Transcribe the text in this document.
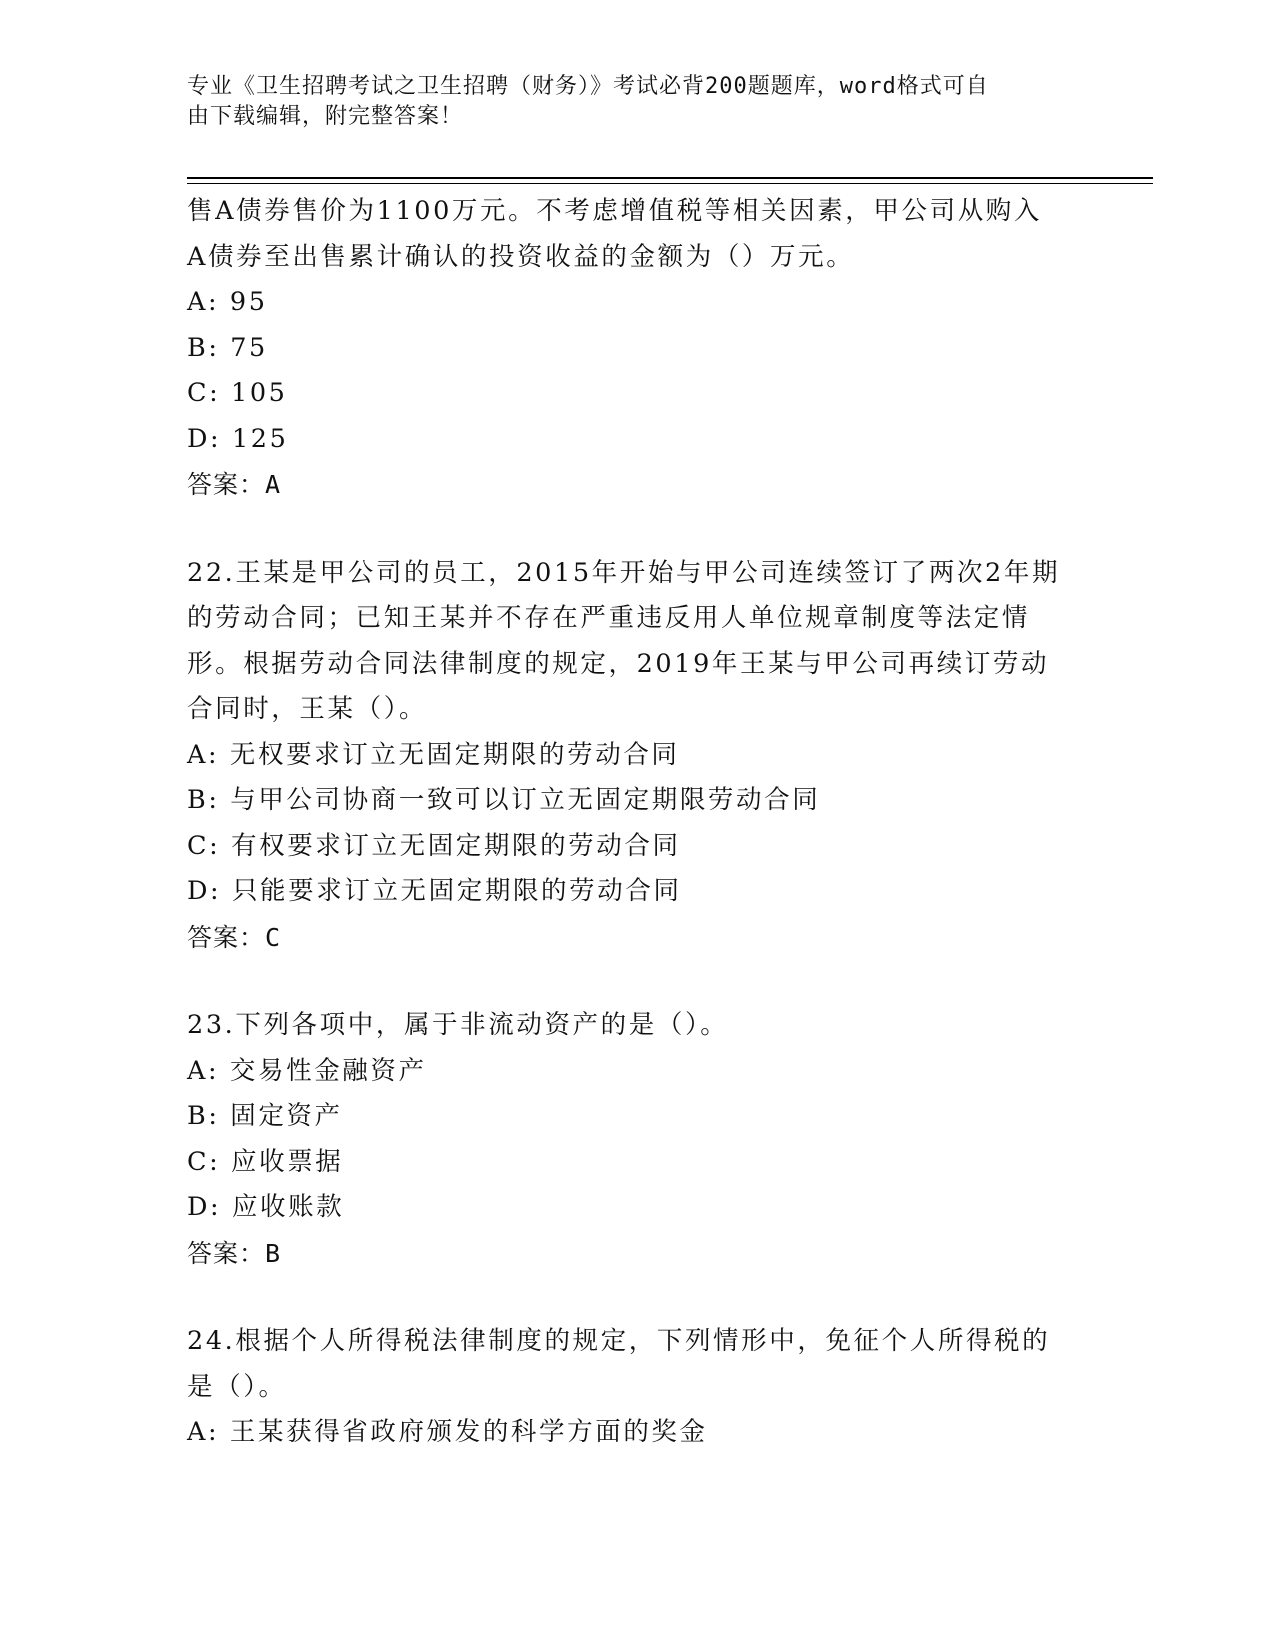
专业《卫生招聘考试之卫生招聘（财务）》考试必背200题题库，word格式可自
由下载编辑，附完整答案！
售A债券售价为1100万元。不考虑增值税等相关因素，甲公司从购入
A债券至出售累计确认的投资收益的金额为（）万元。
A: 95
B: 75
C: 105
D: 125
答案：A
22.王某是甲公司的员工，2015年开始与甲公司连续签订了两次2年期
的劳动合同；已知王某并不存在严重违反用人单位规章制度等法定情
形。根据劳动合同法律制度的规定，2019年王某与甲公司再续订劳动
合同时，王某（）。
A: 无权要求订立无固定期限的劳动合同
B: 与甲公司协商一致可以订立无固定期限劳动合同
C: 有权要求订立无固定期限的劳动合同
D: 只能要求订立无固定期限的劳动合同
答案：C
23.下列各项中，属于非流动资产的是（）。
A: 交易性金融资产
B: 固定资产
C: 应收票据
D: 应收账款
答案：B
24.根据个人所得税法律制度的规定，下列情形中，免征个人所得税的
是（）。
A: 王某获得省政府颁发的科学方面的奖金
